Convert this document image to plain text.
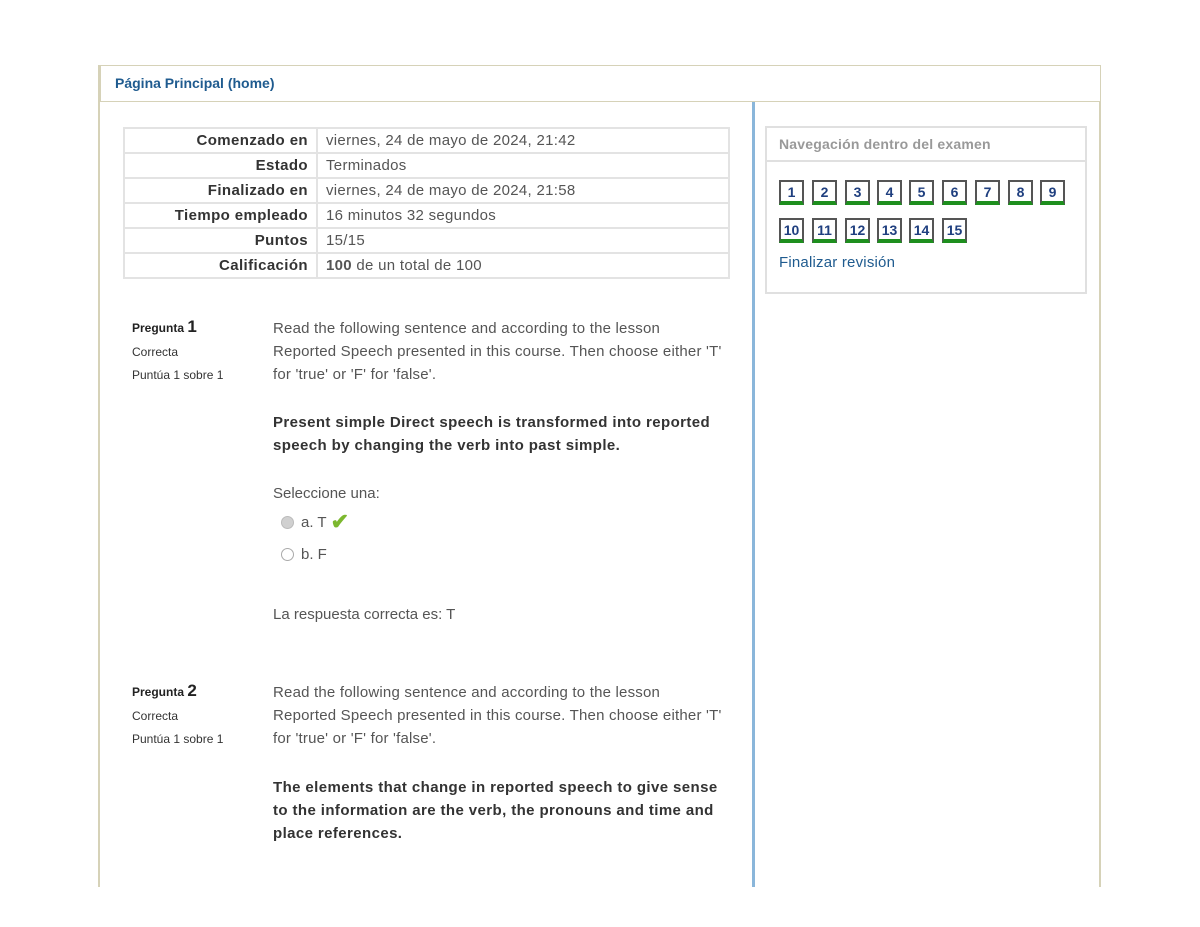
Página Principal (home)
Comenzado en	viernes, 24 de mayo de 2024, 21:42
Estado	Terminados
Finalizado en	viernes, 24 de mayo de 2024, 21:58
Tiempo empleado	16 minutos 32 segundos
Puntos	15/15
Calificación	100 de un total de 100
Pregunta 1
Correcta
Puntúa 1 sobre 1
Read the following sentence and according to the lesson Reported Speech presented in this course. Then choose either 'T' for 'true' or 'F' for 'false'.
Present simple Direct speech is transformed into reported speech by changing the verb into past simple.
Seleccione una:
a. T ✔
b. F
La respuesta correcta es: T
Pregunta 2
Correcta
Puntúa 1 sobre 1
Read the following sentence and according to the lesson Reported Speech presented in this course. Then choose either 'T' for 'true' or 'F' for 'false'.
The elements that change in reported speech to give sense to the information are the verb, the pronouns and time and place references.
Navegación dentro del examen
1	2	3	4	5	6	7	8	9
10	11	12	13	14	15
Finalizar revisión
